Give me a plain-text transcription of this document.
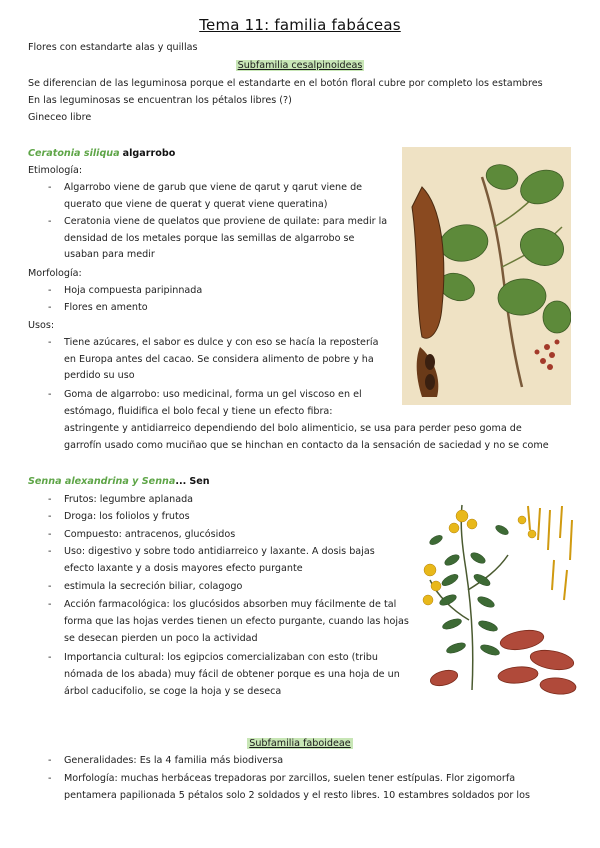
Tema 11: familia fabáceas
Flores con estandarte alas y quillas
Subfamilia cesalpinoideas
Se diferencian de las leguminosa porque el estandarte en el botón floral cubre por completo los estambres
En las leguminosas se encuentran los pétalos libres (?)
Gineceo libre
Ceratonia siliqua algarrobo
Etimología:
- Algarrobo viene de garub que viene de qarut y qarut viene de
querato que viene de querat y querat viene queratina)
- Ceratonia viene de quelatos que proviene de quilate: para medir la
densidad de los metales porque las semillas de algarrobo se
usaban para medir
Morfología:
- Hoja compuesta paripinnada
- Flores en amento
Usos:
- Tiene azúcares, el sabor es dulce y con eso se hacía la repostería
en Europa antes del cacao. Se considera alimento de pobre y ha
perdido su uso
- Goma de algarrobo: uso medicinal, forma un gel viscoso en el
estómago, fluidifica el bolo fecal y tiene un efecto fibra:
astringente y antidiarreico dependiendo del bolo alimenticio, se usa para perder peso goma de
garrofín usado como muciñao que se hinchan en contacto da la sensación de saciedad y no se come
Senna alexandrina y Senna... Sen
- Frutos: legumbre aplanada
- Droga: los foliolos y frutos
- Compuesto: antracenos, glucósidos
- Uso: digestivo y sobre todo antidiarreico y laxante. A dosis bajas
efecto laxante y a dosis mayores efecto purgante
- estimula la secreción biliar, colagogo
- Acción farmacológica: los glucósidos absorben muy fácilmente de tal
forma que las hojas verdes tienen un efecto purgante, cuando las hojas
se desecan pierden un poco la actividad
- Importancia cultural: los egipcios comercializaban con esto (tribu
nómada de los abada) muy fácil de obtener porque es una hoja de un
árbol caducifolio, se coge la hoja y se deseca
Subfamilia faboideae
- Generalidades: Es la 4 familia más biodiversa
- Morfología: muchas herbáceas trepadoras por zarcillos, suelen tener estípulas. Flor zigomorfa
pentamera papilionada 5 pétalos solo 2 soldados y el resto libres. 10 estambres soldados por los
